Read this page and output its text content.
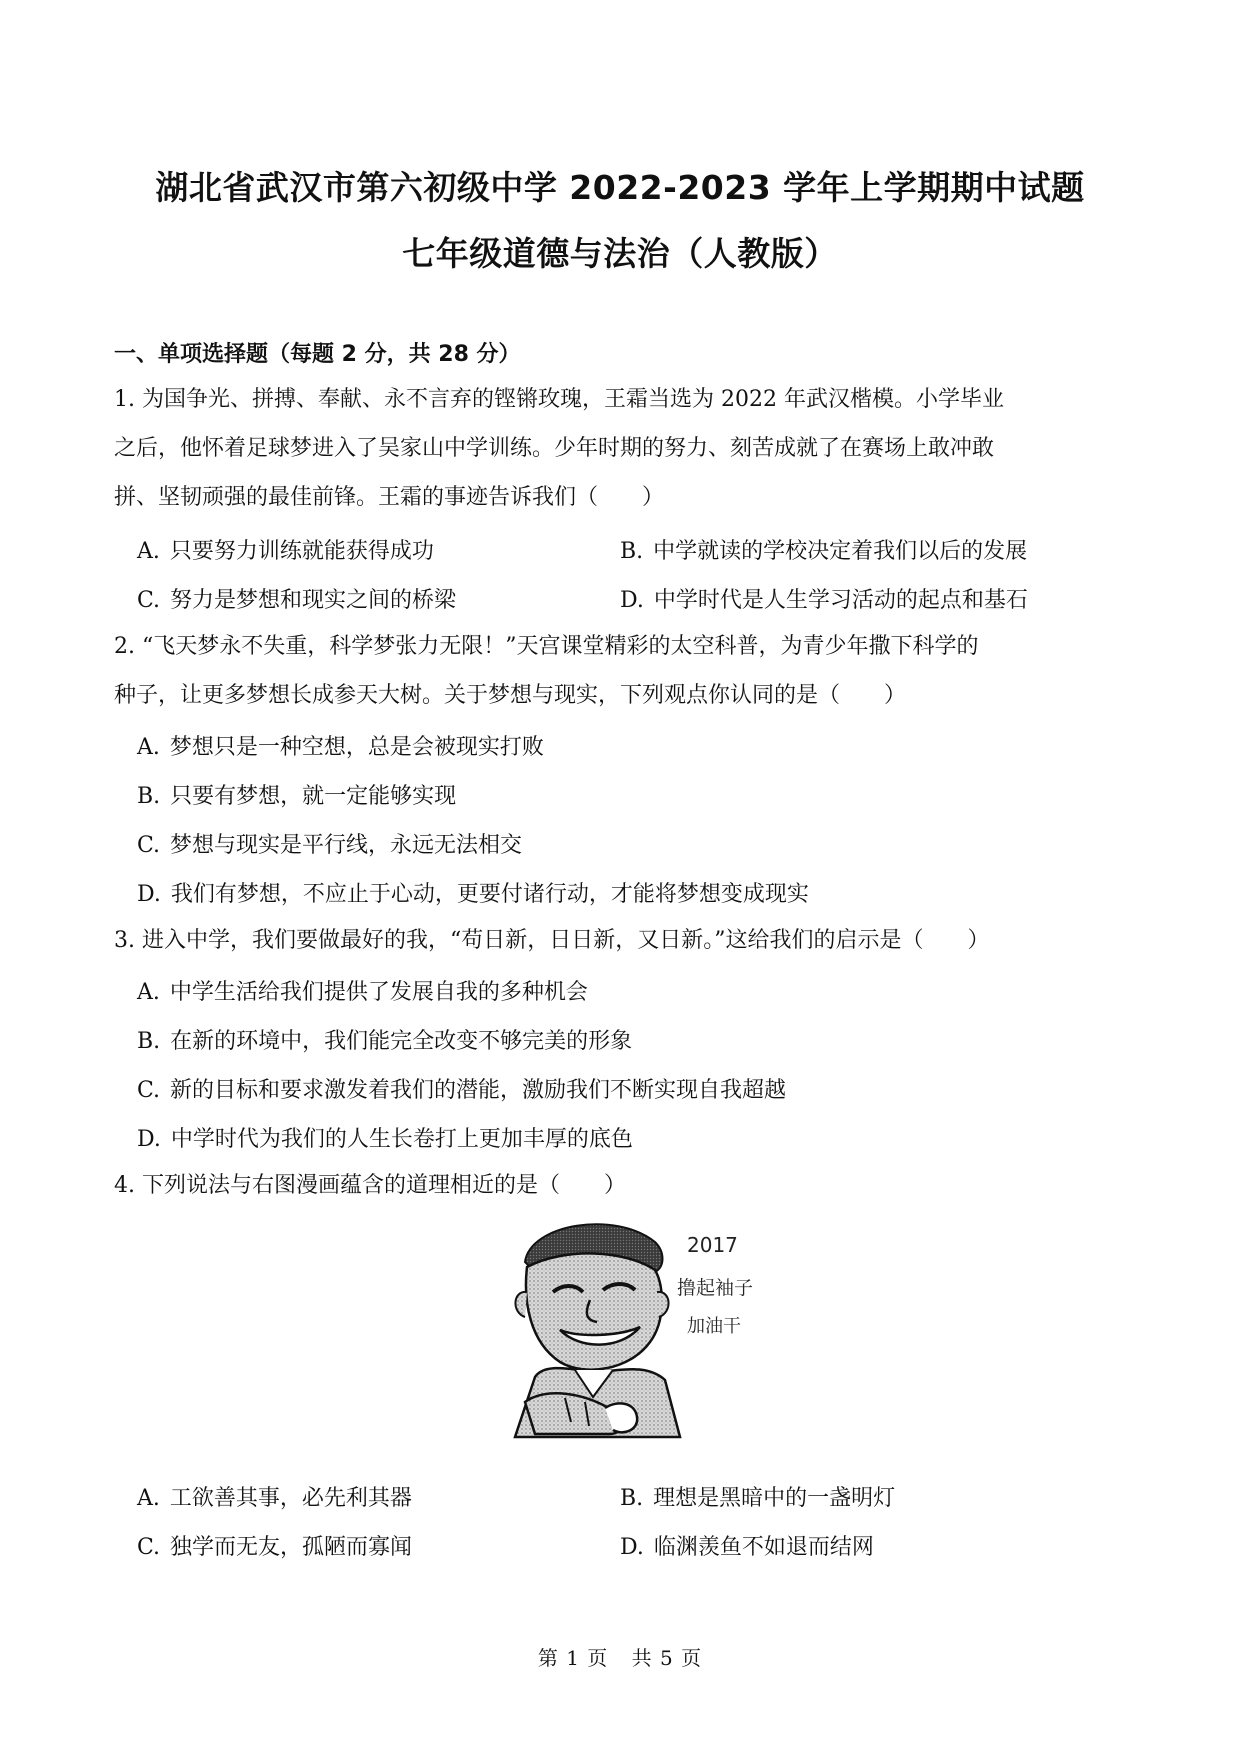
湖北省武汉市第六初级中学 2022-2023 学年上学期期中试题
七年级道德与法治（人教版）
一、单项选择题（每题 2 分，共 28 分）
1. 为国争光、拼搏、奉献、永不言弃的铿锵玫瑰，王霜当选为 2022 年武汉楷模。小学毕业
之后，他怀着足球梦进入了吴家山中学训练。少年时期的努力、刻苦成就了在赛场上敢冲敢
拼、坚韧顽强的最佳前锋。王霜的事迹告诉我们（　　）
A. 只要努力训练就能获得成功	B. 中学就读的学校决定着我们以后的发展
C. 努力是梦想和现实之间的桥梁	D. 中学时代是人生学习活动的起点和基石
2. “飞天梦永不失重，科学梦张力无限！”天宫课堂精彩的太空科普，为青少年撒下科学的
种子，让更多梦想长成参天大树。关于梦想与现实，下列观点你认同的是（　　）
A. 梦想只是一种空想，总是会被现实打败
B. 只要有梦想，就一定能够实现
C. 梦想与现实是平行线，永远无法相交
D. 我们有梦想，不应止于心动，更要付诸行动，才能将梦想变成现实
3. 进入中学，我们要做最好的我，“苟日新，日日新，又日新。”这给我们的启示是（　　）
A. 中学生活给我们提供了发展自我的多种机会
B. 在新的环境中，我们能完全改变不够完美的形象
C. 新的目标和要求激发着我们的潜能，激励我们不断实现自我超越
D. 中学时代为我们的人生长卷打上更加丰厚的底色
4. 下列说法与右图漫画蕴含的道理相近的是（　　）
2017
撸起袖子
加油干
A. 工欲善其事，必先利其器	B. 理想是黑暗中的一盏明灯
C. 独学而无友，孤陋而寡闻	D. 临渊羡鱼不如退而结网
第 1 页 共 5 页
